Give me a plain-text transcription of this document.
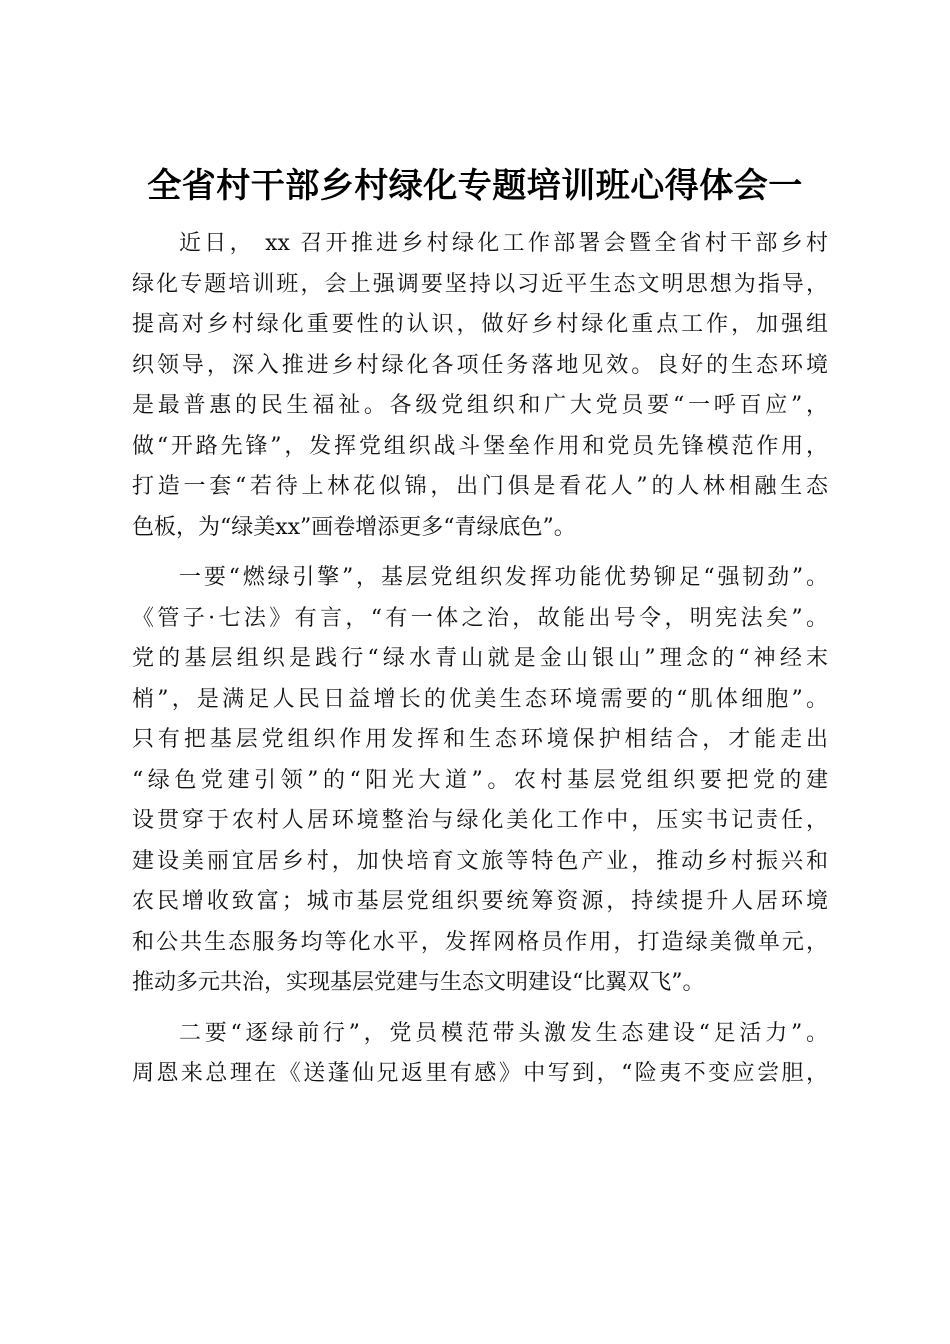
全省村干部乡村绿化专题培训班心得体会一
近日， xx 召开推进乡村绿化工作部署会暨全省村干部乡村
绿化专题培训班，会上强调要坚持以习近平生态文明思想为指导，
提高对乡村绿化重要性的认识，做好乡村绿化重点工作，加强组
织领导，深入推进乡村绿化各项任务落地见效。良好的生态环境
是最普惠的民生福祉。各级党组织和广大党员要“一呼百应”，
做“开路先锋”，发挥党组织战斗堡垒作用和党员先锋模范作用，
打造一套“若待上林花似锦，出门俱是看花人”的人林相融生态
色板，为“绿美xx”画卷增添更多“青绿底色”。
一要“燃绿引擎”，基层党组织发挥功能优势铆足“强韧劲”。
《管子·七法》有言，“有一体之治，故能出号令，明宪法矣”。
党的基层组织是践行“绿水青山就是金山银山”理念的“神经末
梢”，是满足人民日益增长的优美生态环境需要的“肌体细胞”。
只有把基层党组织作用发挥和生态环境保护相结合，才能走出
“绿色党建引领”的“阳光大道”。农村基层党组织要把党的建
设贯穿于农村人居环境整治与绿化美化工作中，压实书记责任，
建设美丽宜居乡村，加快培育文旅等特色产业，推动乡村振兴和
农民增收致富；城市基层党组织要统筹资源，持续提升人居环境
和公共生态服务均等化水平，发挥网格员作用，打造绿美微单元，
推动多元共治，实现基层党建与生态文明建设“比翼双飞”。
二要“逐绿前行”，党员模范带头激发生态建设“足活力”。
周恩来总理在《送蓬仙兄返里有感》中写到，“险夷不变应尝胆，
